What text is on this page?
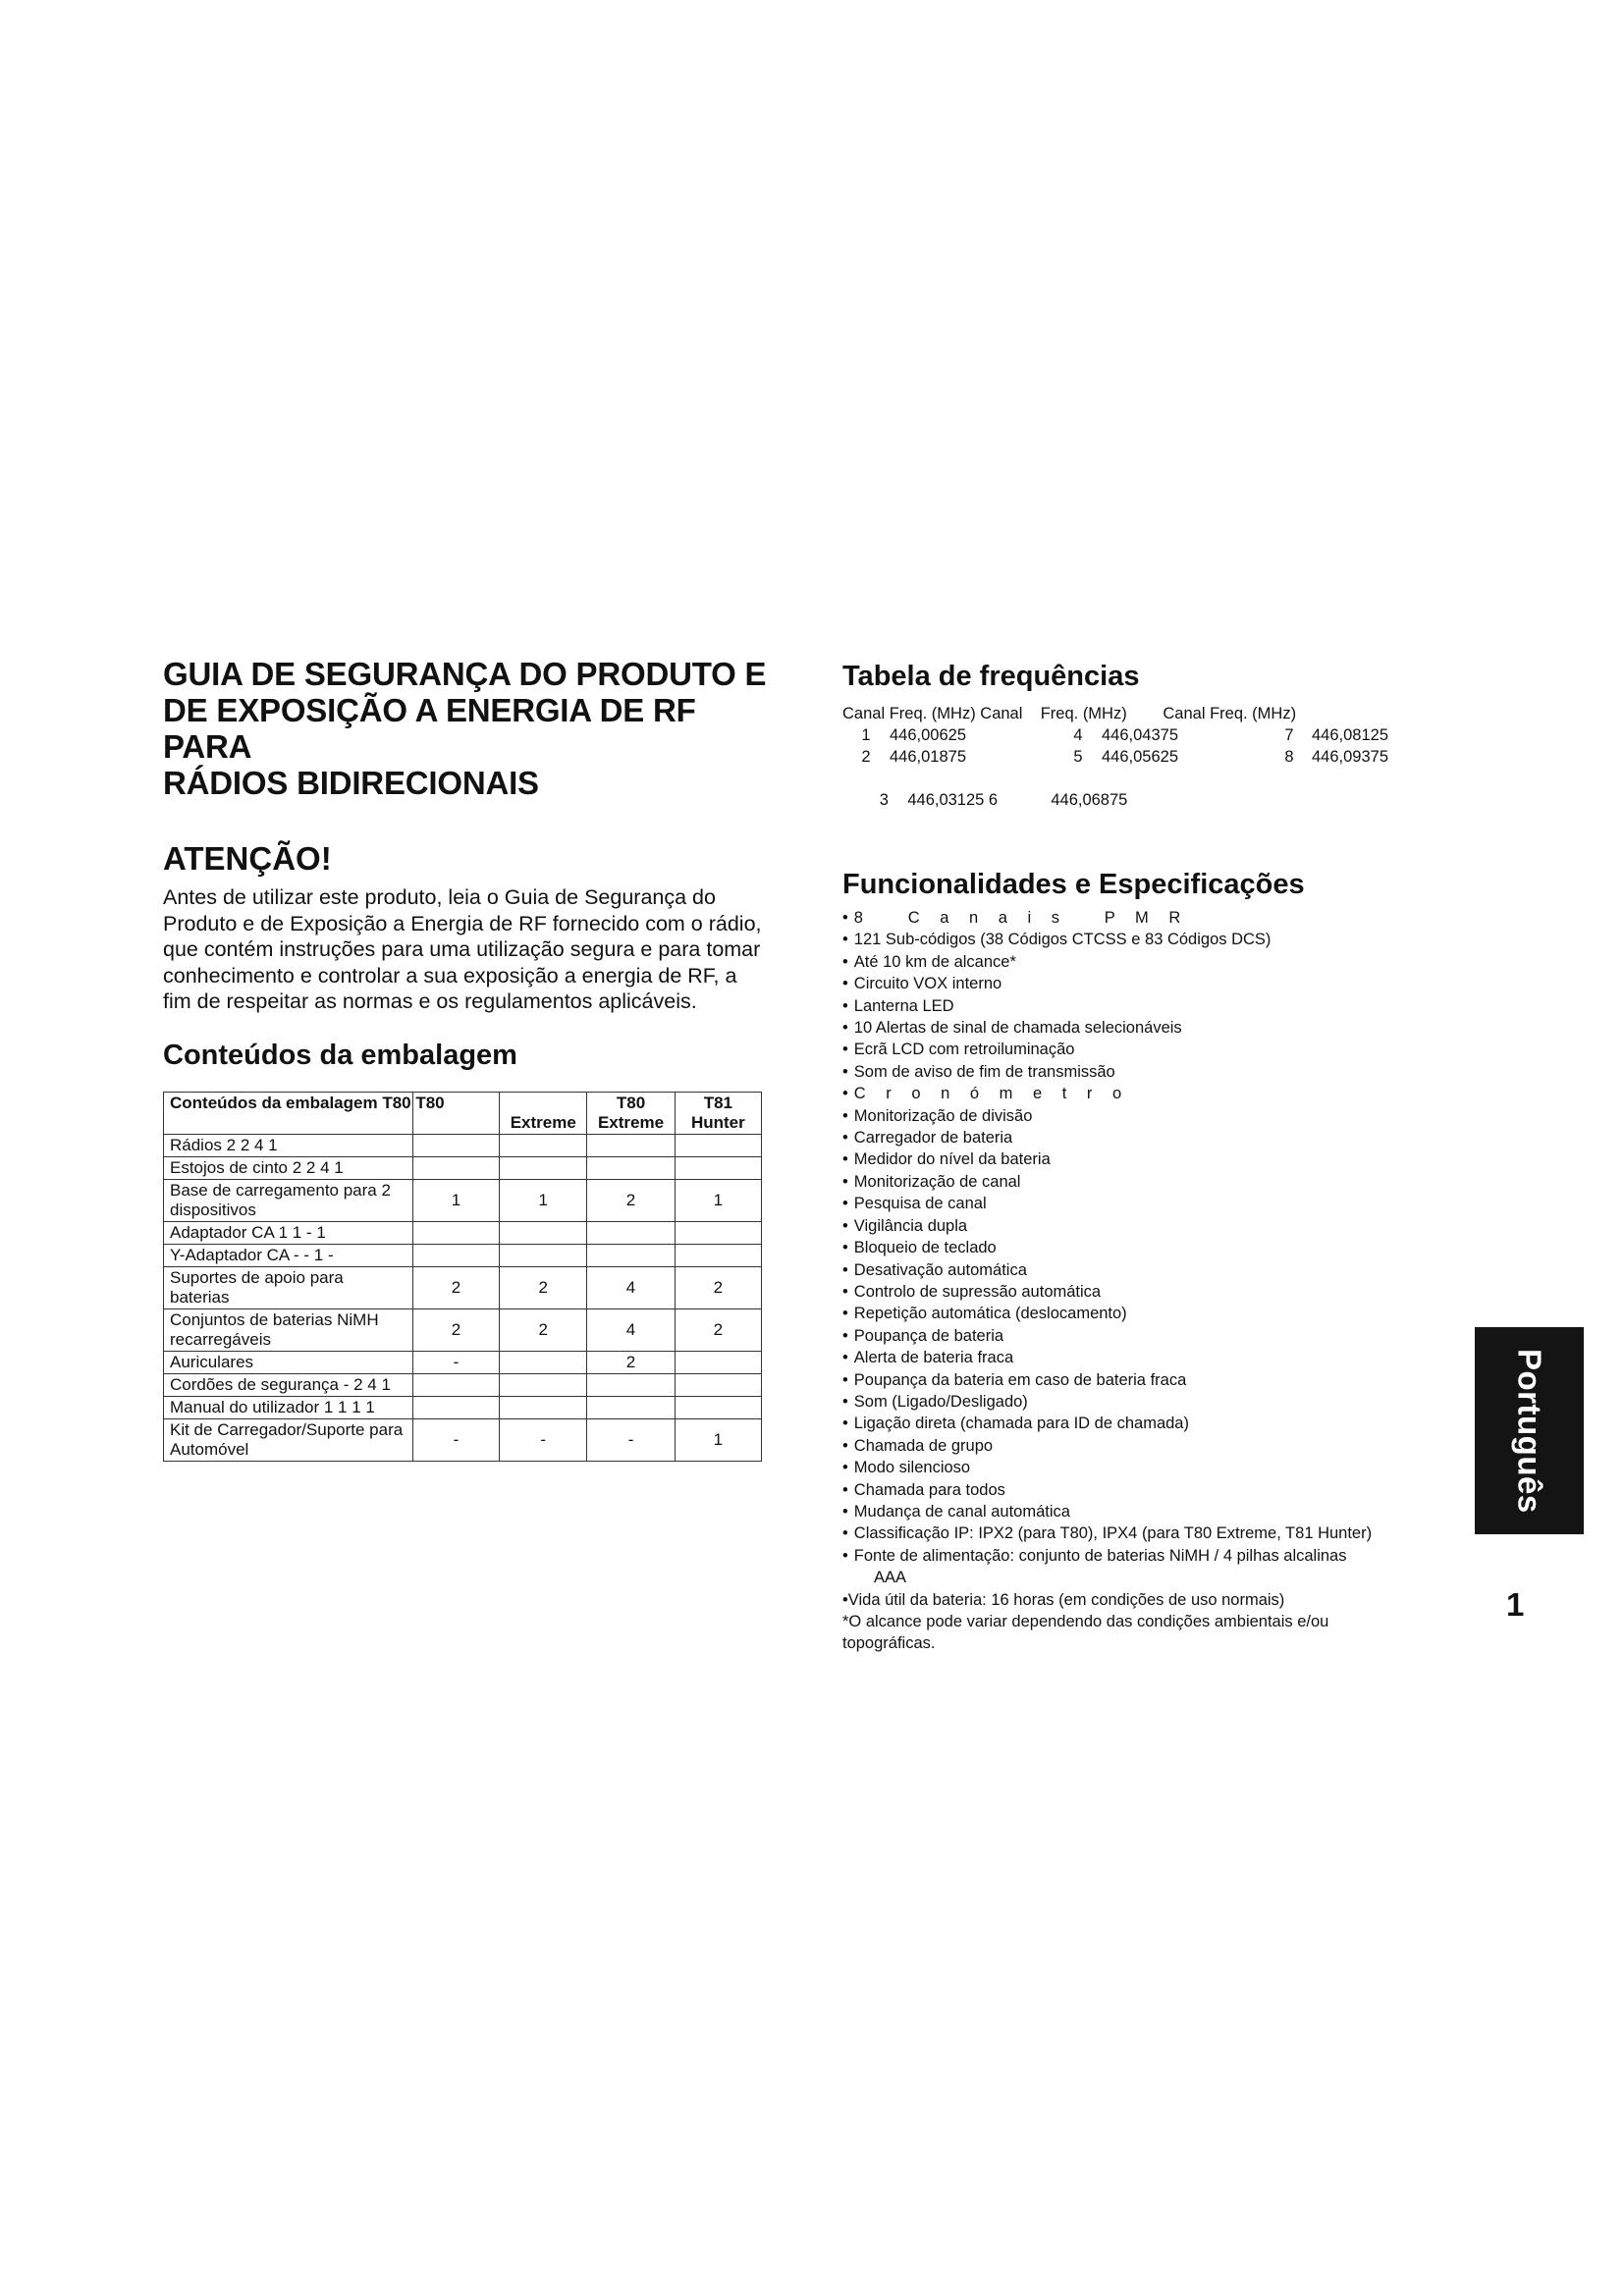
GUIA DE SEGURANÇA DO PRODUTO E
DE EXPOSIÇÃO A ENERGIA DE RF PARA
RÁDIOS BIDIRECIONAIS
ATENÇÃO!
Antes de utilizar este produto, leia o Guia de Segurança do
Produto e de Exposição a Energia de RF fornecido com o rádio,
que contém instruções para uma utilização segura e para tomar
conhecimento e controlar a sua exposição a energia de RF, a
fim de respeitar as normas e os regulamentos aplicáveis.
Conteúdos da embalagem
Conteúdos da embalagem T80 T80		Extreme	T80 Extreme	T81 Hunter
Rádios 2 2 4 1				
Estojos de cinto 2 2 4 1				
Base de carregamento para 2 dispositivos	1	1	2	1
Adaptador CA 1 1 - 1				
Y-Adaptador CA - - 1 -				
Suportes de apoio para baterias	2	2	4	2
Conjuntos de baterias NiMH recarregáveis	2	2	4	2
Auriculares	-		2	
Cordões de segurança - 2 4 1				
Manual do utilizador 1 1 1 1				
Kit de Carregador/Suporte para Automóvel	-	-	-	1
Tabela de frequências
Canal Freq. (MHz) Canal    Freq. (MHz)        Canal Freq. (MHz)
1	446,00625	4	446,04375	7	446,08125
2	446,01875	5	446,05625	8	446,09375

3 446,03125 6	446,06875

Funcionalidades e Especificações
• 8   C a n a i s   P M R
• 121 Sub-códigos (38 Códigos CTCSS e 83 Códigos DCS)
• Até 10 km de alcance*
• Circuito VOX interno
• Lanterna LED
• 10 Alertas de sinal de chamada selecionáveis
• Ecrã LCD com retroiluminação
• Som de aviso de fim de transmissão
• C r o n ó m e t r o
• Monitorização de divisão
• Carregador de bateria
• Medidor do nível da bateria
• Monitorização de canal
• Pesquisa de canal
• Vigilância dupla
• Bloqueio de teclado
• Desativação automática
• Controlo de supressão automática
• Repetição automática (deslocamento)
• Poupança de bateria
• Alerta de bateria fraca
• Poupança da bateria em caso de bateria fraca
• Som (Ligado/Desligado)
• Ligação direta (chamada para ID de chamada)
• Chamada de grupo
• Modo silencioso
• Chamada para todos
• Mudança de canal automática
• Classificação IP: IPX2 (para T80), IPX4 (para T80 Extreme, T81 Hunter)
• Fonte de alimentação: conjunto de baterias NiMH / 4 pilhas alcalinas
AAA
•Vida útil da bateria: 16 horas (em condições de uso normais)
*O alcance pode variar dependendo das condições ambientais e/ou
topográficas.
Português
1
